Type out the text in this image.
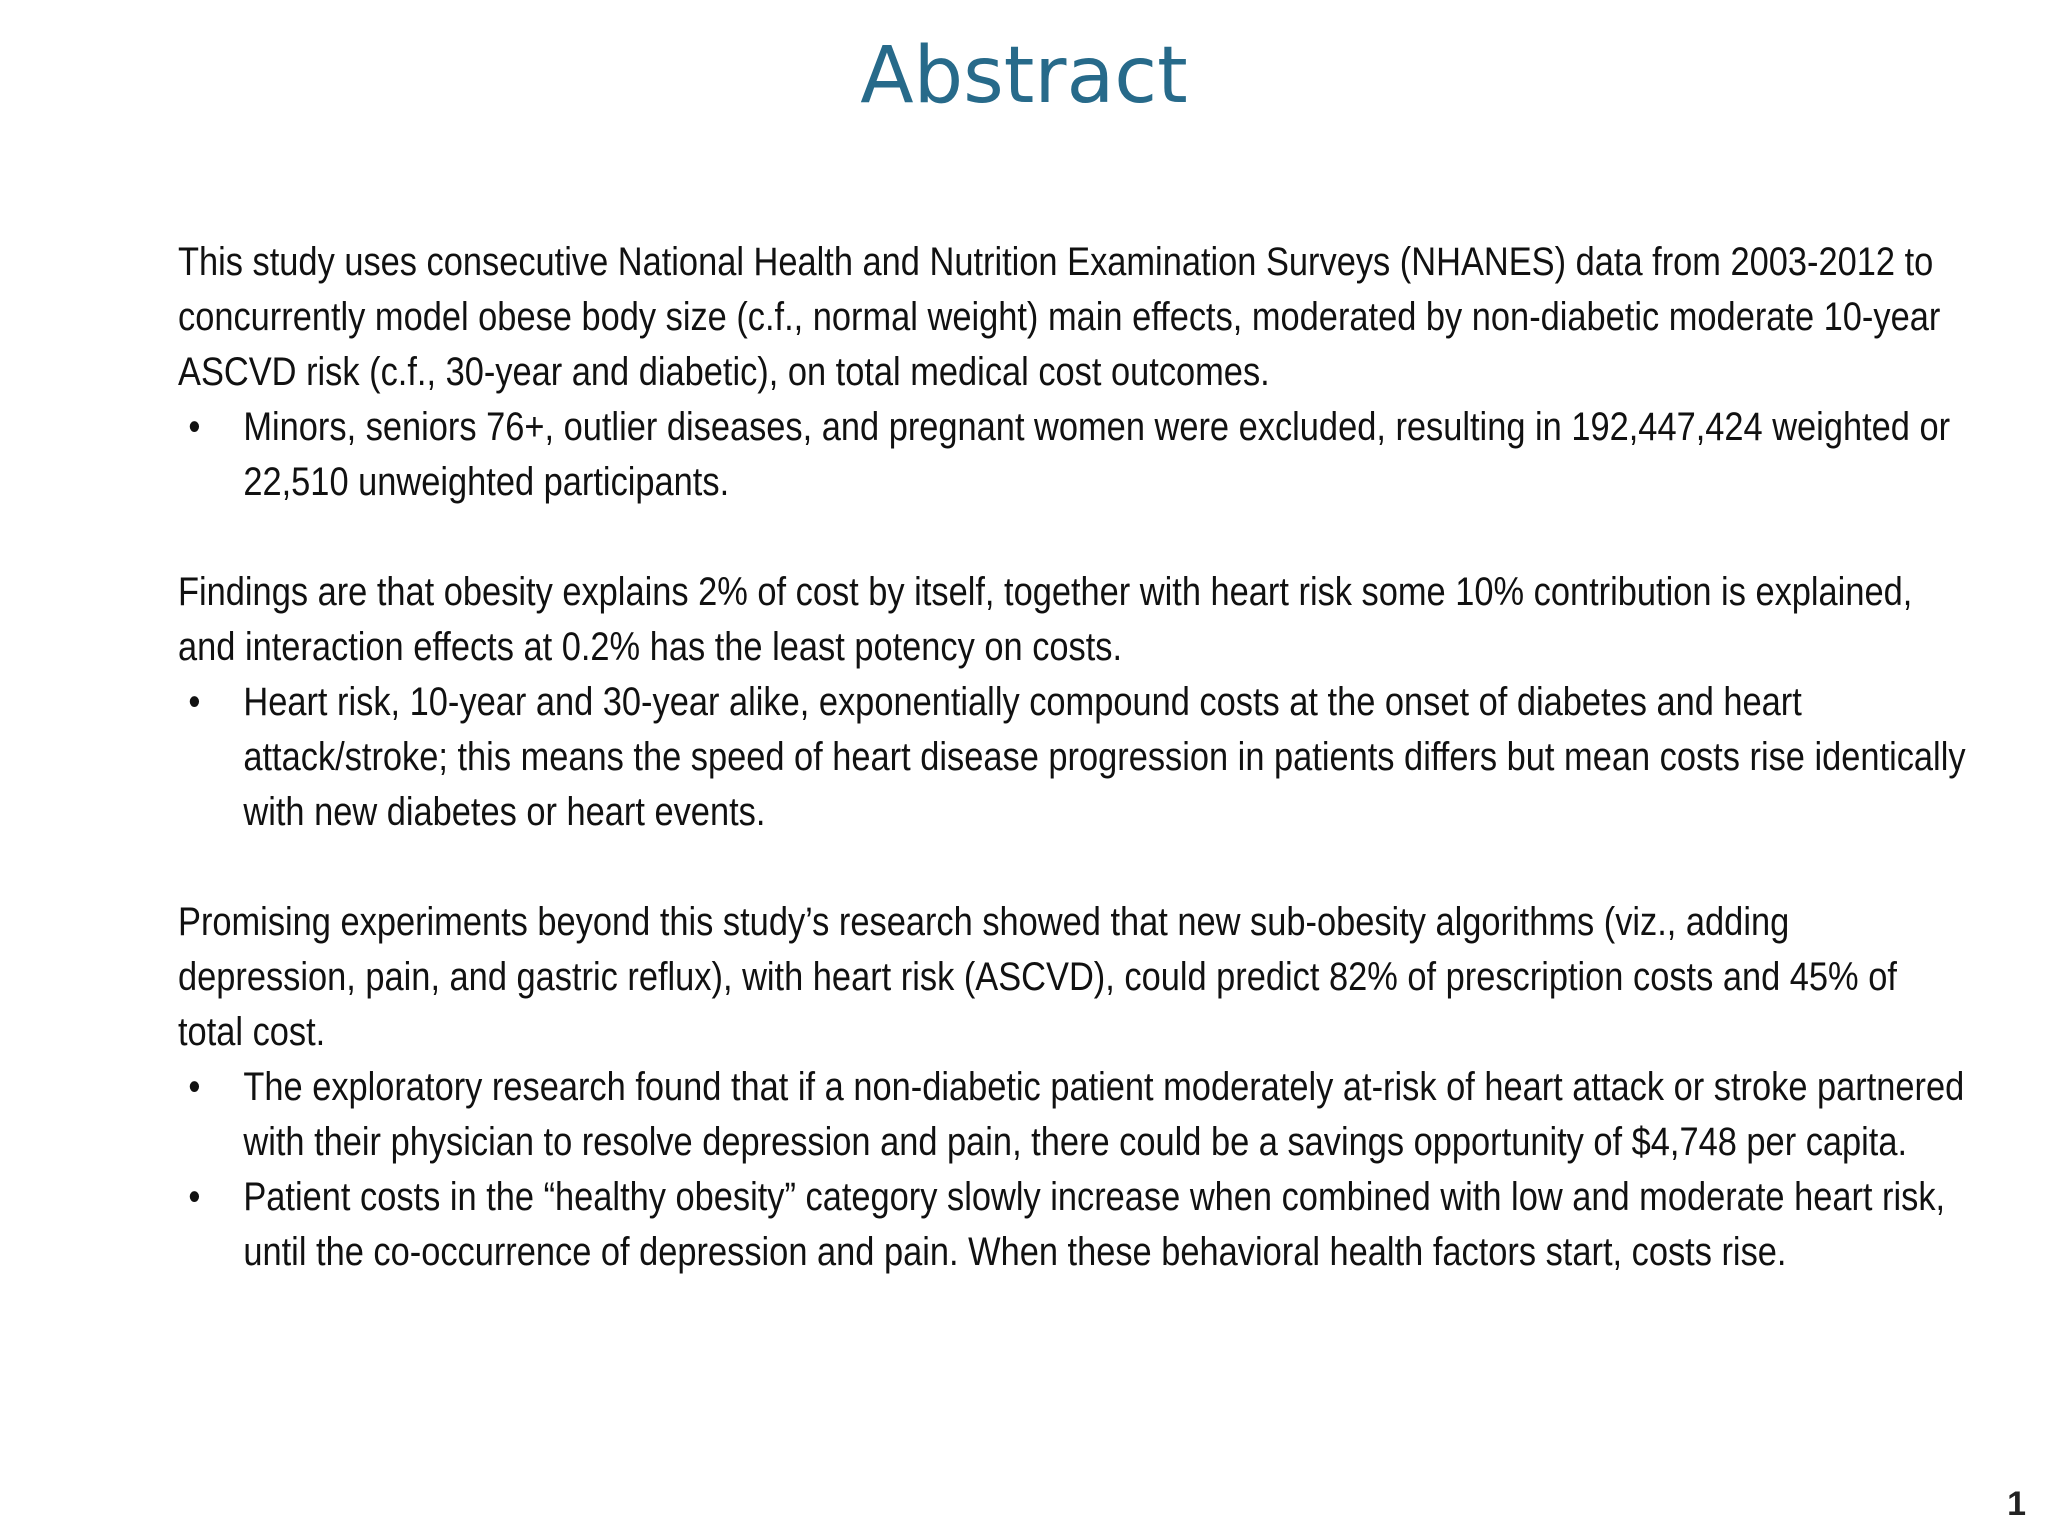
Abstract

This study uses consecutive National Health and Nutrition Examination Surveys (NHANES) data from 2003-2012 to concurrently model obese body size (c.f., normal weight) main effects, moderated by non-diabetic moderate 10-year ASCVD risk (c.f., 30-year and diabetic), on total medical cost outcomes.

• Minors, seniors 76+, outlier diseases, and pregnant women were excluded, resulting in 192,447,424 weighted or 22,510 unweighted participants.

Findings are that obesity explains 2% of cost by itself, together with heart risk some 10% contribution is explained, and interaction effects at 0.2% has the least potency on costs.

• Heart risk, 10-year and 30-year alike, exponentially compound costs at the onset of diabetes and heart attack/stroke; this means the speed of heart disease progression in patients differs but mean costs rise identically with new diabetes or heart events.

Promising experiments beyond this study’s research showed that new sub-obesity algorithms (viz., adding depression, pain, and gastric reflux), with heart risk (ASCVD), could predict 82% of prescription costs and 45% of total cost.

• The exploratory research found that if a non-diabetic patient moderately at-risk of heart attack or stroke partnered with their physician to resolve depression and pain, there could be a savings opportunity of $4,748 per capita.
• Patient costs in the “healthy obesity” category slowly increase when combined with low and moderate heart risk, until the co-occurrence of depression and pain. When these behavioral health factors start, costs rise.
1
